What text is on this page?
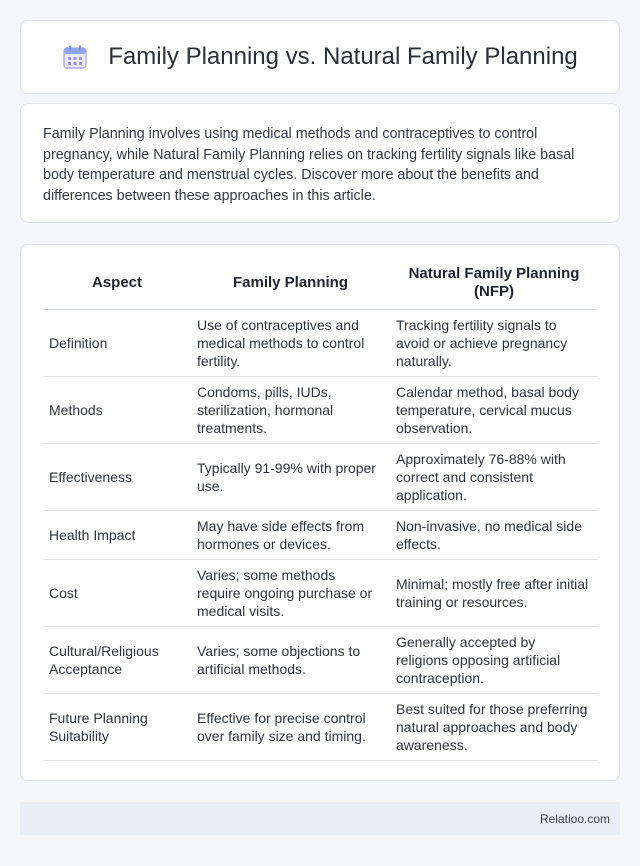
Family Planning vs. Natural Family Planning

Family Planning involves using medical methods and contraceptives to control pregnancy, while Natural Family Planning relies on tracking fertility signals like basal body temperature and menstrual cycles. Discover more about the benefits and differences between these approaches in this article.

Aspect	Family Planning	Natural Family Planning (NFP)
Definition	Use of contraceptives and medical methods to control fertility.	Tracking fertility signals to avoid or achieve pregnancy naturally.
Methods	Condoms, pills, IUDs, sterilization, hormonal treatments.	Calendar method, basal body temperature, cervical mucus observation.
Effectiveness	Typically 91-99% with proper use.	Approximately 76-88% with correct and consistent application.
Health Impact	May have side effects from hormones or devices.	Non-invasive, no medical side effects.
Cost	Varies; some methods require ongoing purchase or medical visits.	Minimal; mostly free after initial training or resources.
Cultural/Religious Acceptance	Varies; some objections to artificial methods.	Generally accepted by religions opposing artificial contraception.
Future Planning Suitability	Effective for precise control over family size and timing.	Best suited for those preferring natural approaches and body awareness.
Relatioo.com
